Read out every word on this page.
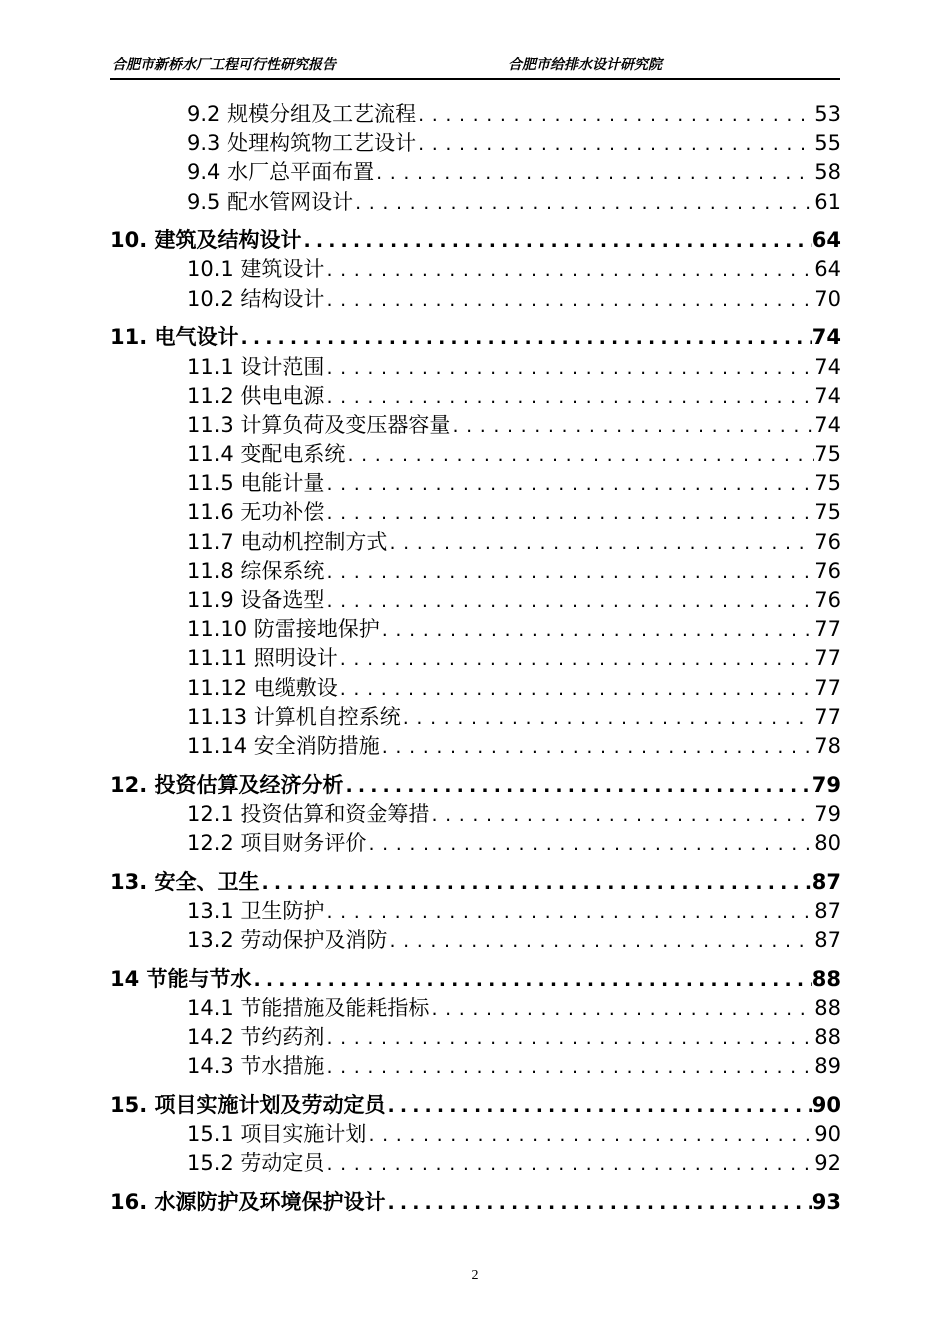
合肥市新桥水厂工程可行性研究报告	合肥市给排水设计研究院
9.2 规模分组及工艺流程 .....	53
9.3 处理构筑物工艺设计 .....	55
9.4 水厂总平面布置 .....	58
9.5 配水管网设计 .....	61
10. 建筑及结构设计 .....	64
10.1 建筑设计 .....	64
10.2 结构设计 .....	70
11. 电气设计 .....	74
11.1 设计范围 .....	74
11.2 供电电源 .....	74
11.3 计算负荷及变压器容量 .....	74
11.4 变配电系统 .....	75
11.5 电能计量 .....	75
11.6 无功补偿 .....	75
11.7 电动机控制方式 .....	76
11.8 综保系统 .....	76
11.9 设备选型 .....	76
11.10 防雷接地保护 .....	77
11.11 照明设计 .....	77
11.12 电缆敷设 .....	77
11.13 计算机自控系统 .....	77
11.14 安全消防措施 .....	78
12. 投资估算及经济分析 .....	79
12.1 投资估算和资金筹措 .....	79
12.2 项目财务评价 .....	80
13. 安全、卫生 .....	87
13.1 卫生防护 .....	87
13.2 劳动保护及消防 .....	87
14 节能与节水 .....	88
14.1 节能措施及能耗指标 .....	88
14.2 节约药剂 .....	88
14.3 节水措施 .....	89
15. 项目实施计划及劳动定员 .....	90
15.1 项目实施计划 .....	90
15.2 劳动定员 .....	92
16. 水源防护及环境保护设计 .....	93
2
